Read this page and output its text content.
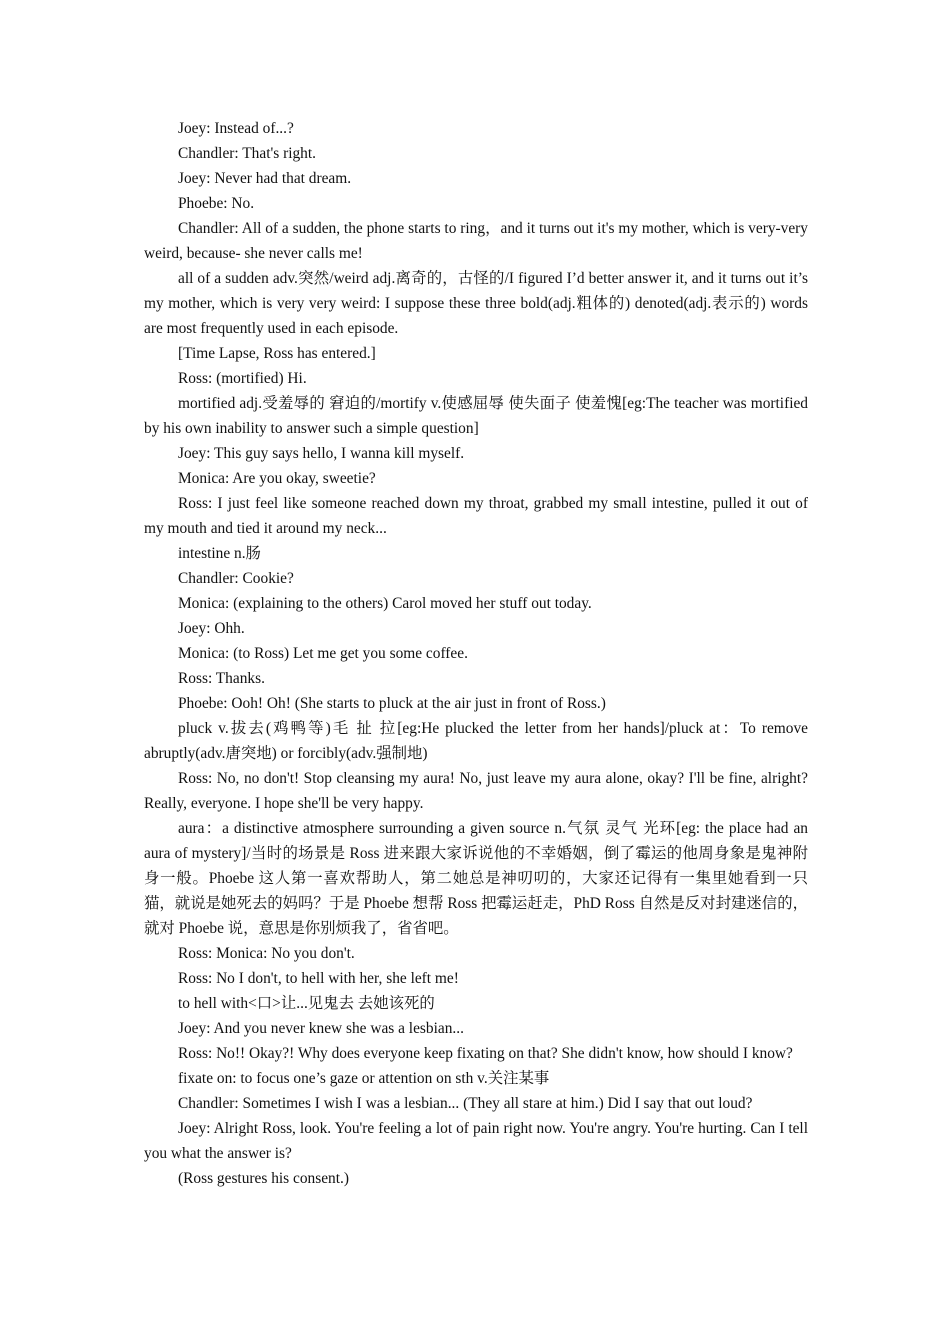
Joey: Instead of...?

Chandler: That's right.

Joey: Never had that dream.

Phoebe: No.

Chandler: All of a sudden, the phone starts to ring，and it turns out it's my mother, which is very-very weird, because- she never calls me!

all of a sudden adv.突然/weird adj.离奇的，古怪的/I figured I’d better answer it, and it turns out it’s my mother, which is very very weird: I suppose these three bold(adj.粗体的) denoted(adj.表示的) words are most frequently used in each episode.

[Time Lapse, Ross has entered.]

Ross: (mortified) Hi.

mortified adj.受羞辱的 窘迫的/mortify v.使感屈辱 使失面子 使羞愧[eg:The teacher was mortified by his own inability to answer such a simple question]

Joey: This guy says hello, I wanna kill myself.

Monica: Are you okay, sweetie?

Ross: I just feel like someone reached down my throat, grabbed my small intestine, pulled it out of my mouth and tied it around my neck...

intestine n.肠

Chandler: Cookie?

Monica: (explaining to the others) Carol moved her stuff out today.

Joey: Ohh.

Monica: (to Ross) Let me get you some coffee.

Ross: Thanks.

Phoebe: Ooh! Oh! (She starts to pluck at the air just in front of Ross.)

pluck v.拔去(鸡鸭等)毛 扯 拉[eg:He plucked the letter from her hands]/pluck at：To remove abruptly(adv.唐突地) or forcibly(adv.强制地)

Ross: No, no don't! Stop cleansing my aura! No, just leave my aura alone, okay? I'll be fine, alright? Really, everyone. I hope she'll be very happy.

aura：a distinctive atmosphere surrounding a given source n.气氛 灵气 光环[eg: the place had an aura of mystery]/当时的场景是 Ross 进来跟大家诉说他的不幸婚姻，倒了霉运的他周身象是鬼神附身一般。Phoebe 这人第一喜欢帮助人，第二她总是神叨叨的，大家还记得有一集里她看到一只猫，就说是她死去的妈吗？于是 Phoebe 想帮 Ross 把霉运赶走，PhD Ross 自然是反对封建迷信的，就对 Phoebe 说，意思是你别烦我了，省省吧。

Ross: Monica: No you don't.

Ross: No I don't, to hell with her, she left me!

to hell with<口>让...见鬼去 去她该死的

Joey: And you never knew she was a lesbian...

Ross: No!! Okay?! Why does everyone keep fixating on that? She didn't know, how should I know?

fixate on: to focus one’s gaze or attention on sth v.关注某事

Chandler: Sometimes I wish I was a lesbian... (They all stare at him.) Did I say that out loud?

Joey: Alright Ross, look. You're feeling a lot of pain right now. You're angry. You're hurting. Can I tell you what the answer is?

(Ross gestures his consent.)
